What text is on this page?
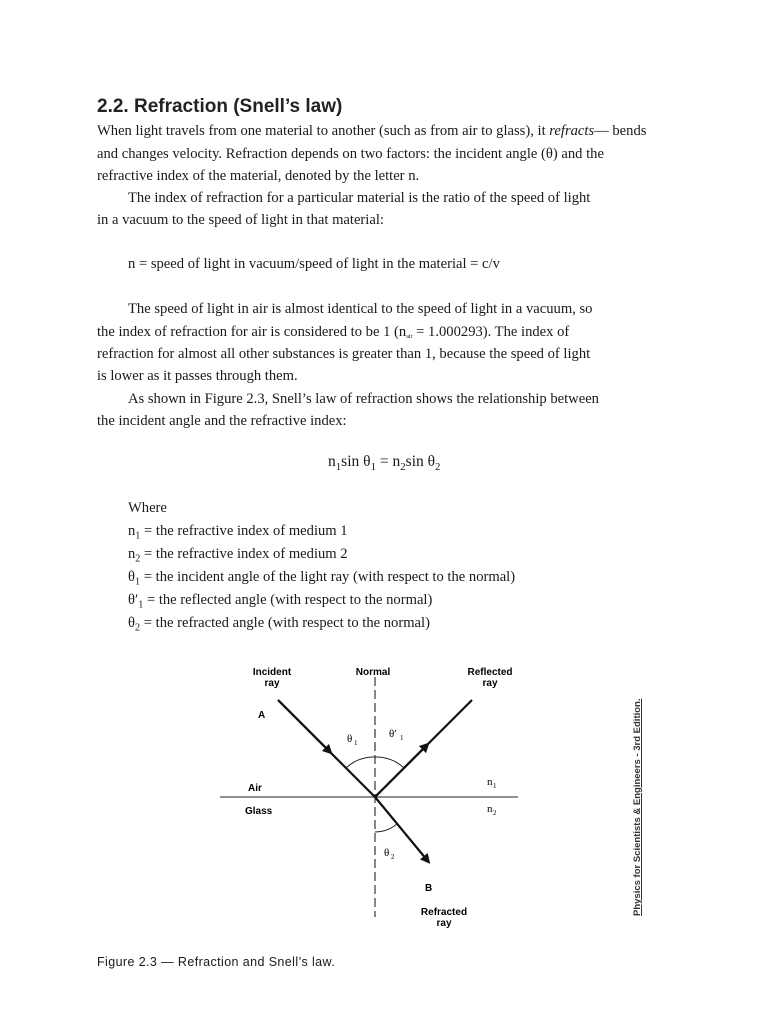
2.2. Refraction (Snell’s law)
When light travels from one material to another (such as from air to glass), it refracts— bends
and changes velocity. Refraction depends on two factors: the incident angle (θ) and the
refractive index of the material, denoted by the letter n.
The index of refraction for a particular material is the ratio of the speed of light
in a vacuum to the speed of light in that material:
n = speed of light in vacuum/speed of light in the material = c/v
The speed of light in air is almost identical to the speed of light in a vacuum, so
the index of refraction for air is considered to be 1 $(n_{air} = 1.000293)$. The index of
refraction for almost all other substances is greater than 1, because the speed of light
is lower as it passes through them.
As shown in Figure 2.3, Snell’s law of refraction shows the relationship between
the incident angle and the refractive index:
$n_1\sin$ $\theta_1 = n_2\sin$ $\theta_2$
Where
$n_1$ = the refractive index of medium 1
$n_2$ = the refractive index of medium 2
$\theta_1$ = the incident angle of the light ray (with respect to the normal)
$\theta'_1$ = the reflected angle (with respect to the normal)
$\theta_2$ = the refracted angle (with respect to the normal)
Incident
ray
Normal	Reflected
ray
A
B
θ 1
θ′ 1
θ 2
Air
Glass
n 1
n 2
Refracted
ray
Figure 2.3 — Refraction and Snell’s law.
Physics for Scientists & Engineers - 3rd Edition.
